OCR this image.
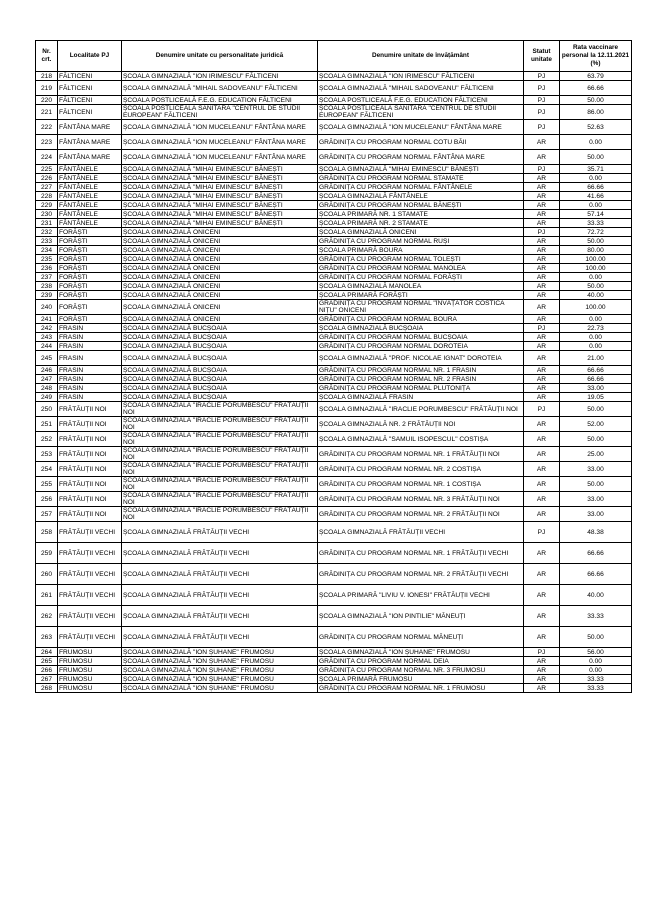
Nr. crt.	Localitate PJ	Denumire unitate cu personalitate juridică	Denumire unitate de învățământ	Statut unitate	Rata vaccinare personal la 12.11.2021 (%)
218	FĂLTICENI	ȘCOALA GIMNAZIALĂ "ION IRIMESCU" FĂLTICENI	ȘCOALA GIMNAZIALĂ "ION IRIMESCU" FĂLTICENI	PJ	63.79
219	FĂLTICENI	ȘCOALA GIMNAZIALĂ "MIHAIL SADOVEANU" FĂLTICENI	ȘCOALA GIMNAZIALĂ "MIHAIL SADOVEANU" FĂLTICENI	PJ	66.66
220	FĂLTICENI	ȘCOALA POSTLICEALĂ F.E.G. EDUCATION FĂLTICENI	ȘCOALA POSTLICEALĂ F.E.G. EDUCATION FĂLTICENI	PJ	50.00
221	FĂLTICENI	ȘCOALA POSTLICEALĂ SANITARĂ "CENTRUL DE STUDII EUROPEAN" FĂLTICENI	ȘCOALA POSTLICEALĂ SANITARĂ "CENTRUL DE STUDII EUROPEAN" FĂLTICENI	PJ	86.00
222	FÂNTÂNA MARE	ȘCOALA GIMNAZIALĂ "ION MUCELEANU" FÂNTÂNA MARE	ȘCOALA GIMNAZIALĂ "ION MUCELEANU" FÂNTÂNA MARE	PJ	52.63
223	FÂNTÂNA MARE	ȘCOALA GIMNAZIALĂ "ION MUCELEANU" FÂNTÂNA MARE	GRĂDINIȚA CU PROGRAM NORMAL COTU BĂII	AR	0.00
224	FÂNTÂNA MARE	ȘCOALA GIMNAZIALĂ "ION MUCELEANU" FÂNTÂNA MARE	GRĂDINIȚA CU PROGRAM NORMAL FÂNTÂNA MARE	AR	50.00
225	FÂNTÂNELE	ȘCOALA GIMNAZIALĂ "MIHAI EMINESCU" BĂNEȘTI	ȘCOALA GIMNAZIALĂ "MIHAI EMINESCU" BĂNEȘTI	PJ	35.71
226	FÂNTÂNELE	ȘCOALA GIMNAZIALĂ "MIHAI EMINESCU" BĂNEȘTI	GRĂDINIȚA CU PROGRAM NORMAL STAMATE	AR	0.00
227	FÂNTÂNELE	ȘCOALA GIMNAZIALĂ "MIHAI EMINESCU" BĂNEȘTI	GRĂDINIȚA CU PROGRAM NORMAL FÂNTÂNELE	AR	66.66
228	FÂNTÂNELE	ȘCOALA GIMNAZIALĂ "MIHAI EMINESCU" BĂNEȘTI	ȘCOALA GIMNAZIALĂ FÂNTÂNELE	AR	41.66
229	FÂNTÂNELE	ȘCOALA GIMNAZIALĂ "MIHAI EMINESCU" BĂNEȘTI	GRĂDINIȚA CU PROGRAM NORMAL BĂNEȘTI	AR	0.00
230	FÂNTÂNELE	ȘCOALA GIMNAZIALĂ "MIHAI EMINESCU" BĂNEȘTI	ȘCOALA PRIMARĂ NR. 1 STAMATE	AR	57.14
231	FÂNTÂNELE	ȘCOALA GIMNAZIALĂ "MIHAI EMINESCU" BĂNEȘTI	ȘCOALA PRIMARĂ NR. 2 STAMATE	AR	33.33
232	FORĂȘTI	ȘCOALA GIMNAZIALĂ ONICENI	ȘCOALA GIMNAZIALĂ ONICENI	PJ	72.72
233	FORĂȘTI	ȘCOALA GIMNAZIALĂ ONICENI	GRĂDINIȚA CU PROGRAM NORMAL RUȘI	AR	50.00
234	FORĂȘTI	ȘCOALA GIMNAZIALĂ ONICENI	ȘCOALA PRIMARĂ BOURA	AR	80.00
235	FORĂȘTI	ȘCOALA GIMNAZIALĂ ONICENI	GRĂDINIȚA CU PROGRAM NORMAL TOLEȘTI	AR	100.00
236	FORĂȘTI	ȘCOALA GIMNAZIALĂ ONICENI	GRĂDINIȚA CU PROGRAM NORMAL MANOLEA	AR	100.00
237	FORĂȘTI	ȘCOALA GIMNAZIALĂ ONICENI	GRĂDINIȚA CU PROGRAM NORMAL FORĂȘTI	AR	0.00
238	FORĂȘTI	ȘCOALA GIMNAZIALĂ ONICENI	ȘCOALA GIMNAZIALĂ MANOLEA	AR	50.00
239	FORĂȘTI	ȘCOALA GIMNAZIALĂ ONICENI	ȘCOALA PRIMARĂ FORĂȘTI	AR	40.00
240	FORĂȘTI	ȘCOALA GIMNAZIALĂ ONICENI	GRĂDINIȚA CU PROGRAM NORMAL "ÎNVĂȚĂTOR COSTICĂ NIȚU" ONICENI	AR	100.00
241	FORĂȘTI	ȘCOALA GIMNAZIALĂ ONICENI	GRĂDINIȚA CU PROGRAM NORMAL BOURA	AR	0.00
242	FRASIN	ȘCOALA GIMNAZIALĂ BUCȘOAIA	ȘCOALA GIMNAZIALĂ BUCȘOAIA	PJ	22.73
243	FRASIN	ȘCOALA GIMNAZIALĂ BUCȘOAIA	GRĂDINIȚA CU PROGRAM NORMAL BUCȘOAIA	AR	0.00
244	FRASIN	ȘCOALA GIMNAZIALĂ BUCȘOAIA	GRĂDINIȚA CU PROGRAM NORMAL DOROTEIA	AR	0.00
245	FRASIN	ȘCOALA GIMNAZIALĂ BUCȘOAIA	ȘCOALA GIMNAZIALĂ "PROF. NICOLAE IGNAT" DOROTEIA	AR	21.00
246	FRASIN	ȘCOALA GIMNAZIALĂ BUCȘOAIA	GRĂDINIȚA CU PROGRAM NORMAL NR. 1 FRASIN	AR	66.66
247	FRASIN	ȘCOALA GIMNAZIALĂ BUCȘOAIA	GRĂDINIȚA CU PROGRAM NORMAL NR. 2 FRASIN	AR	66.66
248	FRASIN	ȘCOALA GIMNAZIALĂ BUCȘOAIA	GRĂDINIȚA CU PROGRAM NORMAL PLUTONIȚA	AR	33.00
249	FRASIN	ȘCOALA GIMNAZIALĂ BUCȘOAIA	ȘCOALA GIMNAZIALĂ FRASIN	AR	19.05
250	FRĂTĂUȚII NOI	ȘCOALA GIMNAZIALĂ "IRACLIE PORUMBESCU" FRĂTĂUȚII NOI	ȘCOALA GIMNAZIALĂ "IRACLIE PORUMBESCU" FRĂTĂUȚII NOI	PJ	50.00
251	FRĂTĂUȚII NOI	ȘCOALA GIMNAZIALĂ "IRACLIE PORUMBESCU" FRĂTĂUȚII NOI	ȘCOALA GIMNAZIALĂ NR. 2 FRĂTĂUȚII NOI	AR	52.00
252	FRĂTĂUȚII NOI	ȘCOALA GIMNAZIALĂ "IRACLIE PORUMBESCU" FRĂTĂUȚII NOI	ȘCOALA GIMNAZIALĂ "SAMUIL ISOPESCUL" COSTIȘA	AR	50.00
253	FRĂTĂUȚII NOI	ȘCOALA GIMNAZIALĂ "IRACLIE PORUMBESCU" FRĂTĂUȚII NOI	GRĂDINIȚA CU PROGRAM NORMAL NR. 1 FRĂTĂUȚII NOI	AR	25.00
254	FRĂTĂUȚII NOI	ȘCOALA GIMNAZIALĂ "IRACLIE PORUMBESCU" FRĂTĂUȚII NOI	GRĂDINIȚA CU PROGRAM NORMAL NR. 2 COSTIȘA	AR	33.00
255	FRĂTĂUȚII NOI	ȘCOALA GIMNAZIALĂ "IRACLIE PORUMBESCU" FRĂTĂUȚII NOI	GRĂDINIȚA CU PROGRAM NORMAL NR. 1 COSTIȘA	AR	50.00
256	FRĂTĂUȚII NOI	ȘCOALA GIMNAZIALĂ "IRACLIE PORUMBESCU" FRĂTĂUȚII NOI	GRĂDINIȚA CU PROGRAM NORMAL NR. 3 FRĂTĂUȚII NOI	AR	33.00
257	FRĂTĂUȚII NOI	ȘCOALA GIMNAZIALĂ "IRACLIE PORUMBESCU" FRĂTĂUȚII NOI	GRĂDINIȚA CU PROGRAM NORMAL NR. 2 FRĂTĂUȚII NOI	AR	33.00
258	FRĂTĂUȚII VECHI	ȘCOALA GIMNAZIALĂ FRĂTĂUȚII VECHI	ȘCOALA GIMNAZIALĂ FRĂTĂUȚII VECHI	PJ	48.38
259	FRĂTĂUȚII VECHI	ȘCOALA GIMNAZIALĂ FRĂTĂUȚII VECHI	GRĂDINIȚA CU PROGRAM NORMAL NR. 1 FRĂTĂUȚII VECHI	AR	66.66
260	FRĂTĂUȚII VECHI	ȘCOALA GIMNAZIALĂ FRĂTĂUȚII VECHI	GRĂDINIȚA CU PROGRAM NORMAL NR. 2 FRĂTĂUȚII VECHI	AR	66.66
261	FRĂTĂUȚII VECHI	ȘCOALA GIMNAZIALĂ FRĂTĂUȚII VECHI	ȘCOALA PRIMARĂ "LIVIU V. IONESI" FRĂTĂUȚII VECHI	AR	40.00
262	FRĂTĂUȚII VECHI	ȘCOALA GIMNAZIALĂ FRĂTĂUȚII VECHI	ȘCOALA GIMNAZIALĂ "ION PINTILIE" MĂNEUȚI	AR	33.33
263	FRĂTĂUȚII VECHI	ȘCOALA GIMNAZIALĂ FRĂTĂUȚII VECHI	GRĂDINIȚA CU PROGRAM NORMAL MĂNEUȚI	AR	50.00
264	FRUMOSU	ȘCOALA GIMNAZIALĂ "ION ȘUHANE" FRUMOSU	ȘCOALA GIMNAZIALĂ "ION ȘUHANE" FRUMOSU	PJ	56.00
265	FRUMOSU	ȘCOALA GIMNAZIALĂ "ION ȘUHANE" FRUMOSU	GRĂDINIȚA CU PROGRAM NORMAL DEIA	AR	0.00
266	FRUMOSU	ȘCOALA GIMNAZIALĂ "ION ȘUHANE" FRUMOSU	GRĂDINIȚA CU PROGRAM NORMAL NR. 3 FRUMOSU	AR	0.00
267	FRUMOSU	ȘCOALA GIMNAZIALĂ "ION ȘUHANE" FRUMOSU	ȘCOALA PRIMARĂ FRUMOSU	AR	33.33
268	FRUMOSU	ȘCOALA GIMNAZIALĂ "ION ȘUHANE" FRUMOSU	GRĂDINIȚA CU PROGRAM NORMAL NR. 1 FRUMOSU	AR	33.33
